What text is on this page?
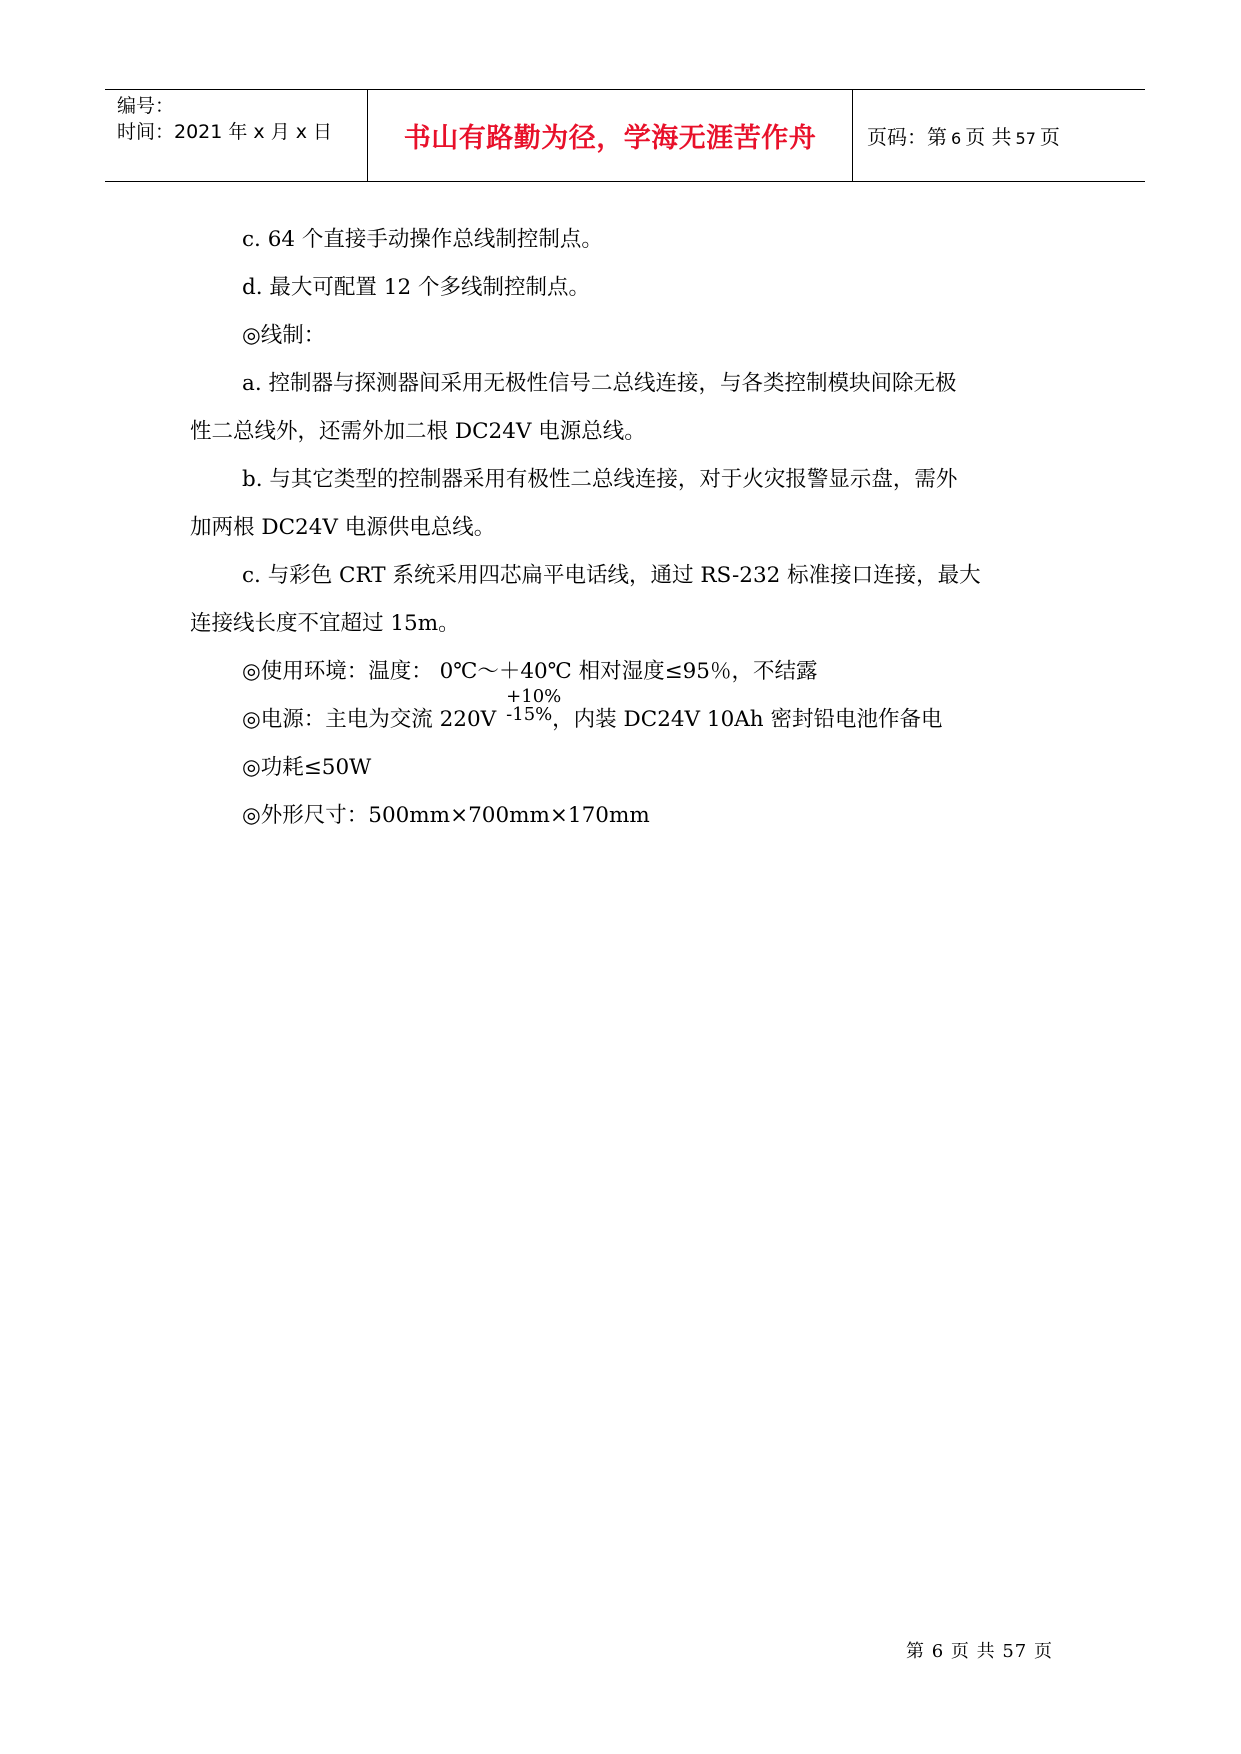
编号：
时间：2021 年 x 月 x 日	书山有路勤为径，学海无涯苦作舟	页码：第 6 页 共 57 页
c. 64 个直接手动操作总线制控制点。
d. 最大可配置 12 个多线制控制点。
◎线制：
a. 控制器与探测器间采用无极性信号二总线连接，与各类控制模块间除无极
性二总线外，还需外加二根 DC24V 电源总线。
b. 与其它类型的控制器采用有极性二总线连接，对于火灾报警显示盘，需外
加两根 DC24V 电源供电总线。
c. 与彩色 CRT 系统采用四芯扁平电话线，通过 RS-232 标准接口连接，最大
连接线长度不宜超过 15m。
◎使用环境：温度： 0℃～＋40℃ 相对湿度≤95％，不结露
◎电源：主电为交流 220V
+10%
-15% ，内装 DC24V 10Ah 密封铅电池作备电
◎功耗≤50W
◎外形尺寸：500mm×700mm×170mm
第 6 页 共 57 页
